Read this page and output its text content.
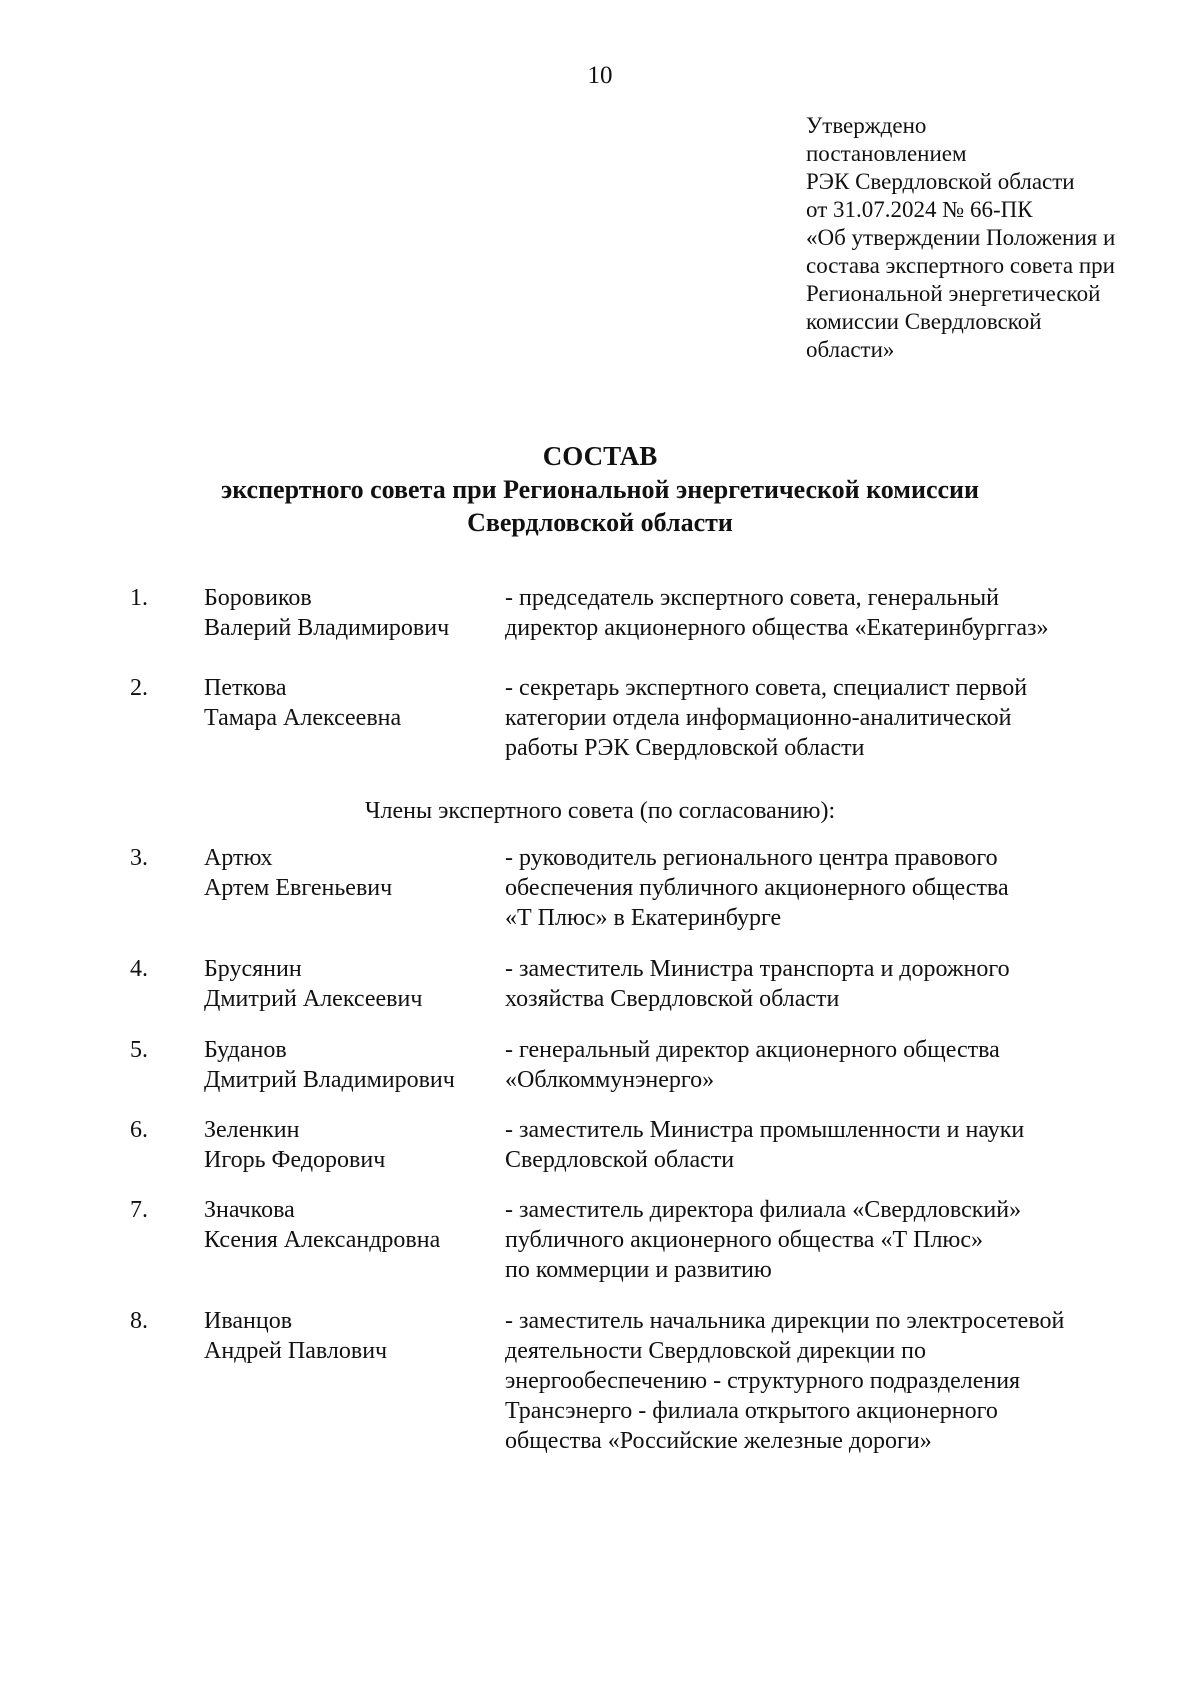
10
Утверждено
постановлением
РЭК Свердловской области
от 31.07.2024 № 66-ПК
«Об утверждении Положения и
состава экспертного совета при
Региональной энергетической
комиссии Свердловской
области»
СОСТАВ
экспертного совета при Региональной энергетической комиссии
Свердловской области
1. Боровиков
Валерий Владимирович
- председатель экспертного совета, генеральный
директор акционерного общества «Екатеринбурггаз»
2. Петкова
Тамара Алексеевна
- секретарь экспертного совета, специалист первой
категории отдела информационно-аналитической
работы РЭК Свердловской области
Члены экспертного совета (по согласованию):
3. Артюх
Артем Евгеньевич
- руководитель регионального центра правового
обеспечения публичного акционерного общества
«Т Плюс» в Екатеринбурге
4. Брусянин
Дмитрий Алексеевич
- заместитель Министра транспорта и дорожного
хозяйства Свердловской области
5. Буданов
Дмитрий Владимирович
- генеральный директор акционерного общества
«Облкоммунэнерго»
6. Зеленкин
Игорь Федорович
- заместитель Министра промышленности и науки
Свердловской области
7. Значкова
Ксения Александровна
- заместитель директора филиала «Свердловский»
публичного акционерного общества «Т Плюс»
по коммерции и развитию
8. Иванцов
Андрей Павлович
- заместитель начальника дирекции по электросетевой
деятельности Свердловской дирекции по
энергообеспечению - структурного подразделения
Трансэнерго - филиала открытого акционерного
общества «Российские железные дороги»
